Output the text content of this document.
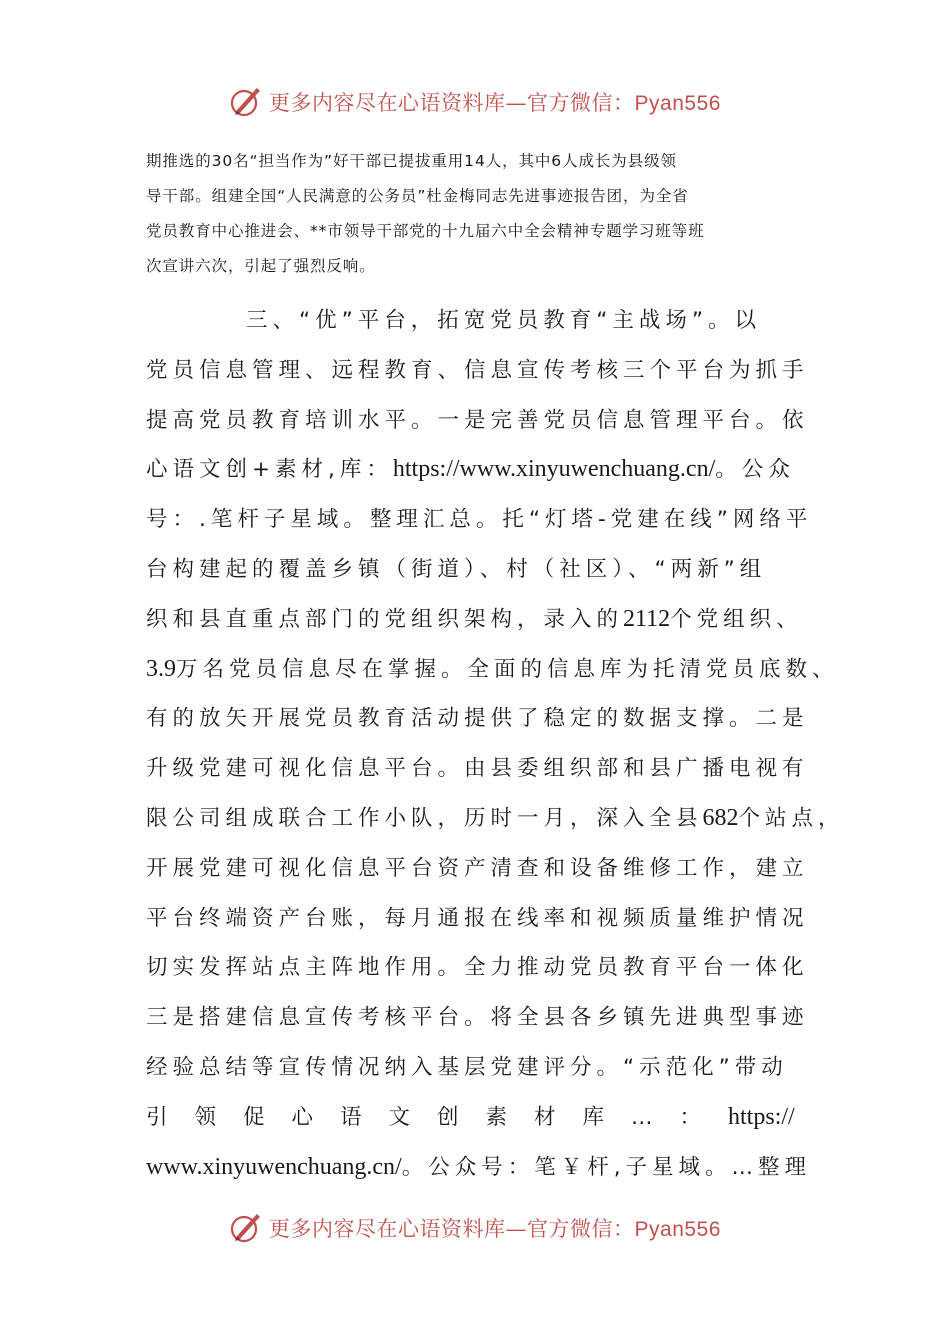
更多内容尽在心语资料库—官方微信：Pyan556
期推选的30名“担当作为”好干部已提拔重用14人，其中6人成长为县级领
导干部。组建全国“人民满意的公务员”杜金梅同志先进事迹报告团，为全省
党员教育中心推进会、**市领导干部党的十九届六中全会精神专题学习班等班
次宣讲六次，引起了强烈反响。
三、“优”平台，拓宽党员教育“主战场”。以
党员信息管理、远程教育、信息宣传考核三个平台为抓手
提高党员教育培训水平。一是完善党员信息管理平台。依
心语文创+素材,库：https://www.xinyuwenchuang.cn/。公众
号：.笔杆子星域。整理汇总。托“灯塔-党建在线”网络平
台构建起的覆盖乡镇（街道）、村（社区）、“两新”组
织和县直重点部门的党组织架构，录入的2112个党组织、
3.9万名党员信息尽在掌握。全面的信息库为托清党员底数、
有的放矢开展党员教育活动提供了稳定的数据支撑。二是
升级党建可视化信息平台。由县委组织部和县广播电视有
限公司组成联合工作小队，历时一月，深入全县682个站点，
开展党建可视化信息平台资产清查和设备维修工作，建立
平台终端资产台账，每月通报在线率和视频质量维护情况
切实发挥站点主阵地作用。全力推动党员教育平台一体化
三是搭建信息宣传考核平台。将全县各乡镇先进典型事迹
经验总结等宣传情况纳入基层党建评分。“示范化”带动
引领促心语文创素材库…：https://
www.xinyuwenchuang.cn/。公众号：笔￥杆,子星域。…整理
更多内容尽在心语资料库—官方微信：Pyan556
